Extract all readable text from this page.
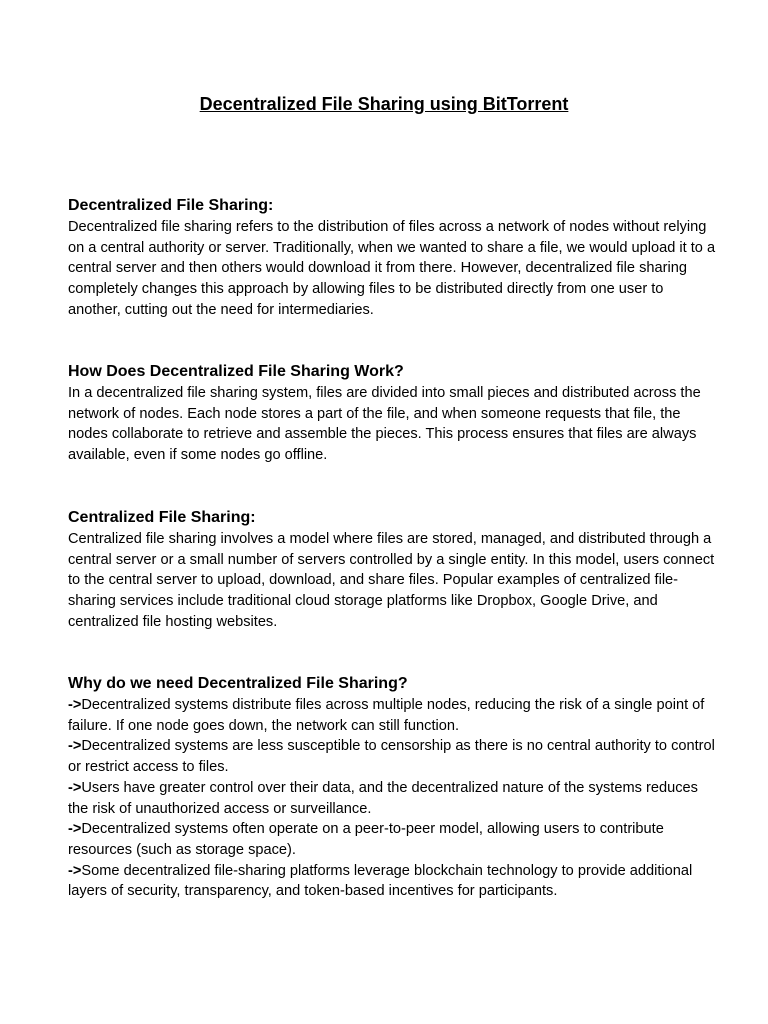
Decentralized File Sharing using BitTorrent
Decentralized File Sharing:

Decentralized file sharing refers to the distribution of files across a network of nodes without relying on a central authority or server. Traditionally, when we wanted to share a file, we would upload it to a central server and then others would download it from there. However, decentralized file sharing completely changes this approach by allowing files to be distributed directly from one user to another, cutting out the need for intermediaries.

How Does Decentralized File Sharing Work?

In a decentralized file sharing system, files are divided into small pieces and distributed across the network of nodes. Each node stores a part of the file, and when someone requests that file, the nodes collaborate to retrieve and assemble the pieces. This process ensures that files are always available, even if some nodes go offline.

Centralized File Sharing:

Centralized file sharing involves a model where files are stored, managed, and distributed through a central server or a small number of servers controlled by a single entity. In this model, users connect to the central server to upload, download, and share files. Popular examples of centralized file-sharing services include traditional cloud storage platforms like Dropbox, Google Drive, and centralized file hosting websites.

Why do we need Decentralized File Sharing?

->Decentralized systems distribute files across multiple nodes, reducing the risk of a single point of failure. If one node goes down, the network can still function.

->Decentralized systems are less susceptible to censorship as there is no central authority to control or restrict access to files.

->Users have greater control over their data, and the decentralized nature of the systems reduces the risk of unauthorized access or surveillance.

->Decentralized systems often operate on a peer-to-peer model, allowing users to contribute resources (such as storage space).

->Some decentralized file-sharing platforms leverage blockchain technology to provide additional layers of security, transparency, and token-based incentives for participants.
